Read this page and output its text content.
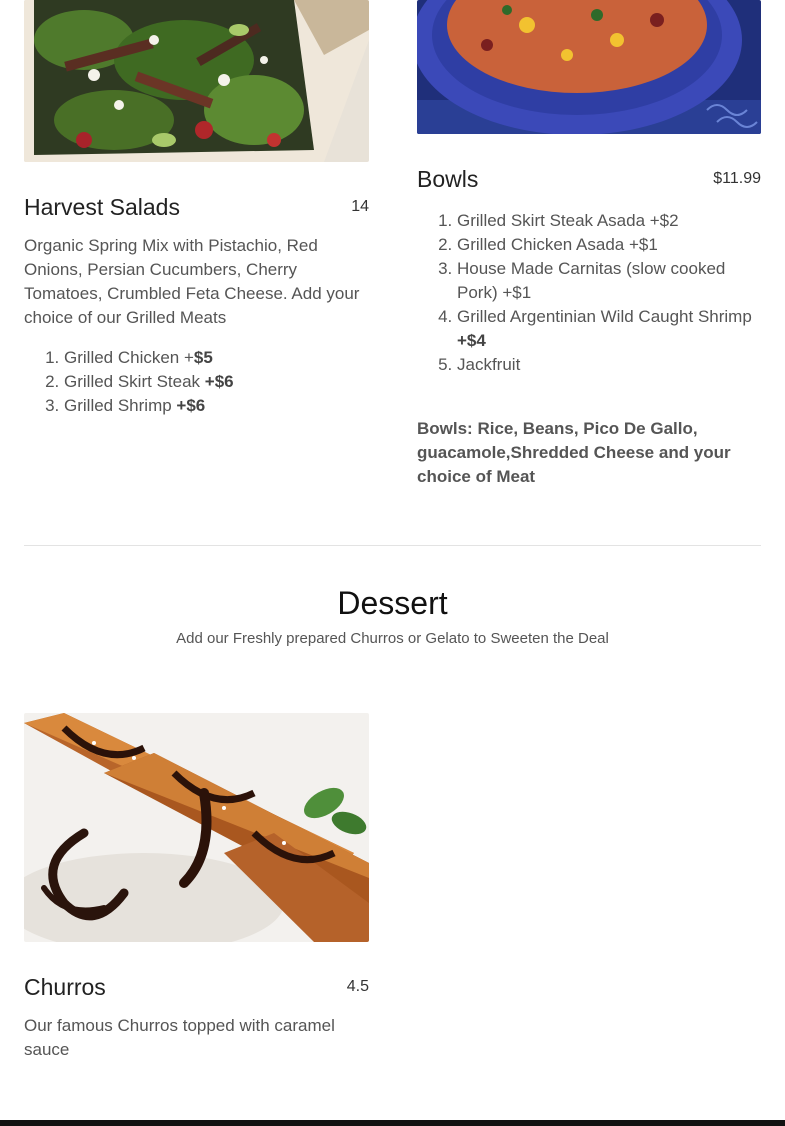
Harvest Salads	14

Organic Spring Mix with Pistachio, Red Onions, Persian Cucumbers, Cherry Tomatoes, Crumbled Feta Cheese. Add your choice of our Grilled Meats

1. Grilled Chicken +$5
2. Grilled Skirt Steak +$6
3. Grilled Shrimp +$6
Bowls	$11.99
1. Grilled Skirt Steak Asada +$2
2. Grilled Chicken Asada +$1
3. House Made Carnitas (slow cooked Pork) +$1
4. Grilled Argentinian Wild Caught Shrimp +$4
5. Jackfruit

Bowls: Rice, Beans, Pico De Gallo, guacamole,Shredded Cheese and your choice of Meat

Dessert
Add our Freshly prepared Churros or Gelato to Sweeten the Deal
Churros	4.5

Our famous Churros topped with caramel sauce
